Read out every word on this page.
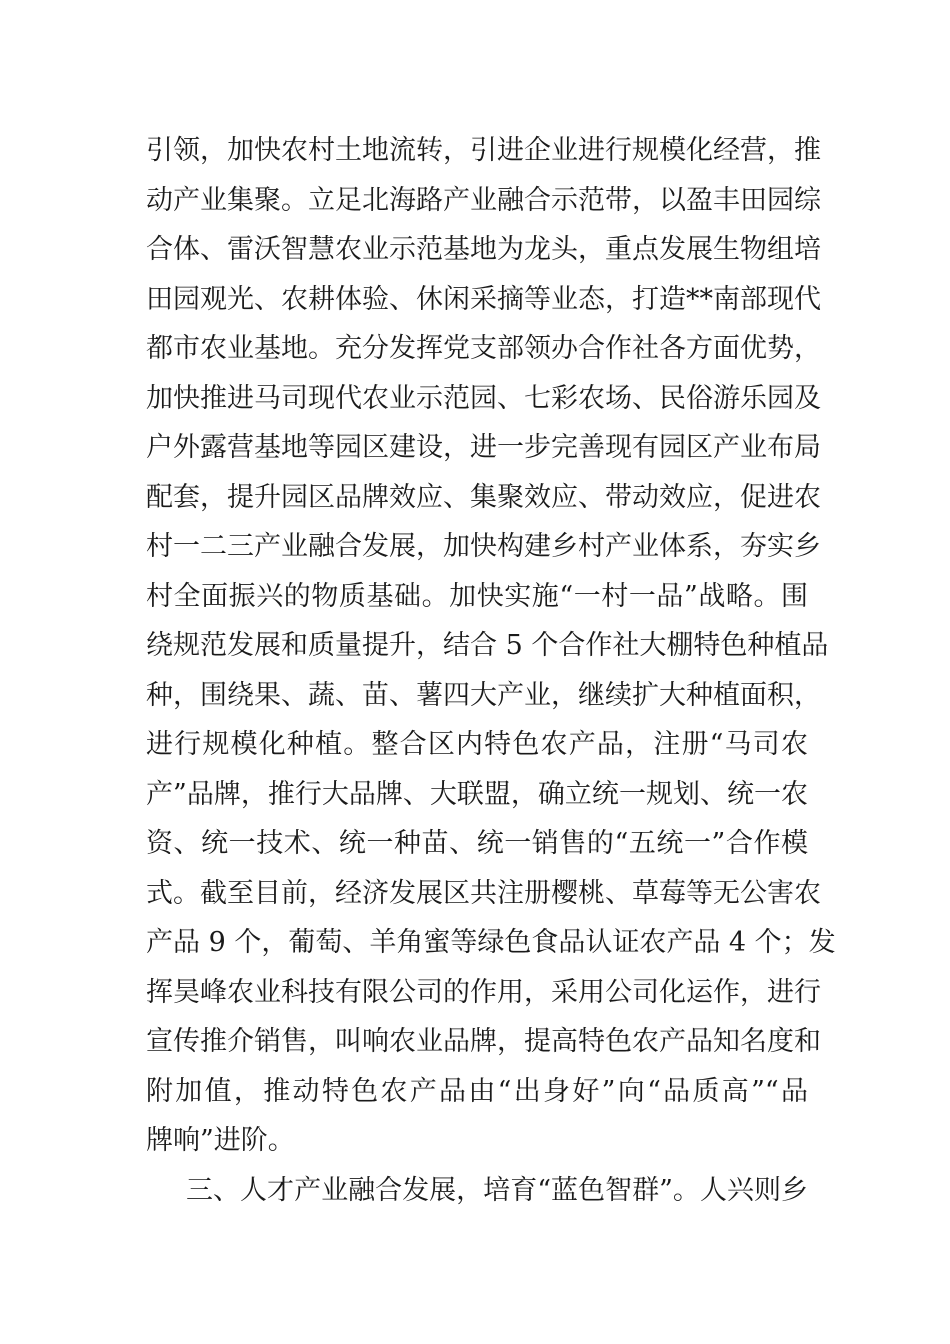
引领，加快农村土地流转，引进企业进行规模化经营，推
动产业集聚。立足北海路产业融合示范带，以盈丰田园综
合体、雷沃智慧农业示范基地为龙头，重点发展生物组培
田园观光、农耕体验、休闲采摘等业态，打造**南部现代
都市农业基地。充分发挥党支部领办合作社各方面优势，
加快推进马司现代农业示范园、七彩农场、民俗游乐园及
户外露营基地等园区建设，进一步完善现有园区产业布局
配套，提升园区品牌效应、集聚效应、带动效应，促进农
村一二三产业融合发展，加快构建乡村产业体系，夯实乡
村全面振兴的物质基础。加快实施“一村一品”战略。围
绕规范发展和质量提升，结合 5 个合作社大棚特色种植品
种，围绕果、蔬、苗、薯四大产业，继续扩大种植面积，
进行规模化种植。整合区内特色农产品，注册“马司农
产”品牌，推行大品牌、大联盟，确立统一规划、统一农
资、统一技术、统一种苗、统一销售的“五统一”合作模
式。截至目前，经济发展区共注册樱桃、草莓等无公害农
产品 9 个，葡萄、羊角蜜等绿色食品认证农产品 4 个；发
挥昊峰农业科技有限公司的作用，采用公司化运作，进行
宣传推介销售，叫响农业品牌，提高特色农产品知名度和
附加值，推动特色农产品由“出身好”向“品质高”“品
牌响”进阶。
三、人才产业融合发展，培育“蓝色智群”。人兴则乡
